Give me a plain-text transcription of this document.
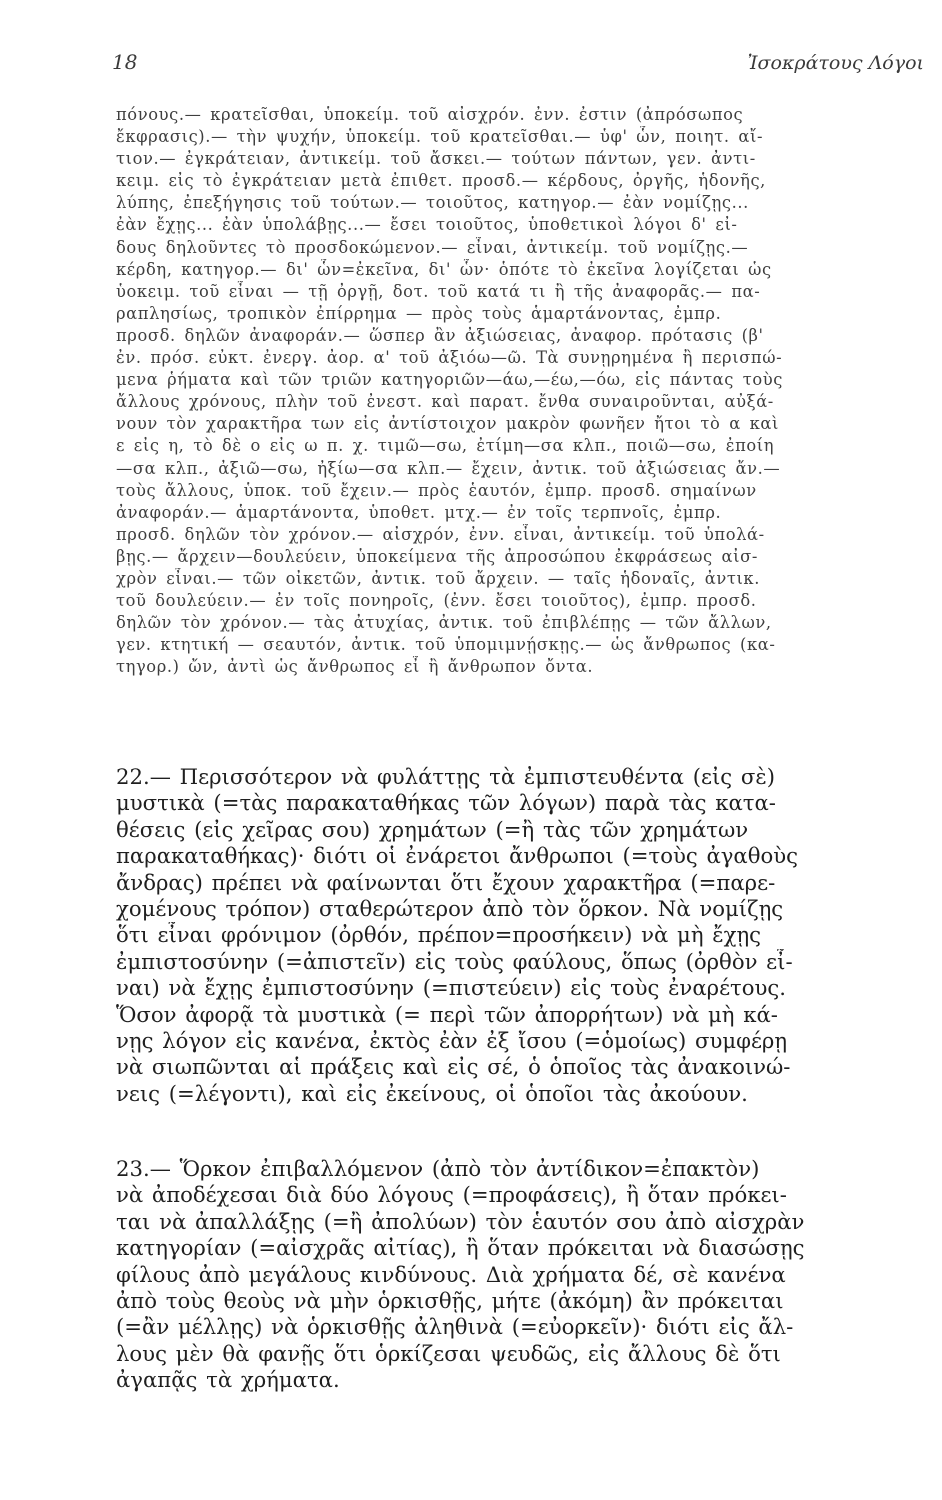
18	Ἰσοκράτους Λόγοι
πόνους.— κρατεῖσθαι, ὑποκείμ. τοῦ αἰσχρόν. ἐνν. ἐστιν (ἀπρόσωπος
ἔκφρασις).— τὴν ψυχήν, ὑποκείμ. τοῦ κρατεῖσθαι.— ὑφ' ὧν, ποιητ. αἴ-
τιον.— ἐγκράτειαν, ἀντικείμ. τοῦ ἄσκει.— τούτων πάντων, γεν. ἀντι-
κειμ. εἰς τὸ ἐγκράτειαν μετὰ ἐπιθετ. προσδ.— κέρδους, ὀργῆς, ἡδονῆς,
λύπης, ἐπεξήγησις τοῦ τούτων.— τοιοῦτος, κατηγορ.— ἐὰν νομίζῃς...
ἐὰν ἔχῃς... ἐὰν ὑπολάβῃς...— ἔσει τοιοῦτος, ὑποθετικοὶ λόγοι δ' εἰ-
δους δηλοῦντες τὸ προσδοκώμενον.— εἶναι, ἀντικείμ. τοῦ νομίζῃς.—
κέρδη, κατηγορ.— δι' ὧν=ἐκεῖνα, δι' ὧν· ὁπότε τὸ ἐκεῖνα λογίζεται ὡς
ὑοκειμ. τοῦ εἶναι — τῇ ὀργῇ, δοτ. τοῦ κατά τι ἢ τῆς ἀναφορᾶς.— πα-
ραπλησίως, τροπικὸν ἐπίρρημα — πρὸς τοὺς ἁμαρτάνοντας, ἐμπρ.
προσδ. δηλῶν ἀναφοράν.— ὥσπερ ἂν ἀξιώσειας, ἀναφορ. πρότασις (β'
ἐν. πρόσ. εὐκτ. ἐνεργ. ἀορ. α' τοῦ ἀξιόω—ῶ. Τὰ συνῃρημένα ἢ περισπώ-
μενα ῥήματα καὶ τῶν τριῶν κατηγοριῶν—άω,—έω,—όω, εἰς πάντας τοὺς
ἄλλους χρόνους, πλὴν τοῦ ἐνεστ. καὶ παρατ. ἔνθα συναιροῦνται, αὐξά-
νουν τὸν χαρακτῆρα των εἰς ἀντίστοιχον μακρὸν φωνῆεν ἤτοι τὸ α καὶ
ε εἰς η, τὸ δὲ ο εἰς ω π. χ. τιμῶ—σω, ἐτίμη—σα κλπ., ποιῶ—σω, ἐποίη
—σα κλπ., ἀξιῶ—σω, ἠξίω—σα κλπ.— ἔχειν, ἀντικ. τοῦ ἀξιώσειας ἄν.—
τοὺς ἄλλους, ὑποκ. τοῦ ἔχειν.— πρὸς ἑαυτόν, ἐμπρ. προσδ. σημαίνων
ἀναφοράν.— ἁμαρτάνοντα, ὑποθετ. μτχ.— ἐν τοῖς τερπνοῖς, ἐμπρ.
προσδ. δηλῶν τὸν χρόνον.— αἰσχρόν, ἐνν. εἶναι, ἀντικείμ. τοῦ ὑπολά-
βῃς.— ἄρχειν—δουλεύειν, ὑποκείμενα τῆς ἀπροσώπου ἐκφράσεως αἰσ-
χρὸν εἶναι.— τῶν οἰκετῶν, ἀντικ. τοῦ ἄρχειν. — ταῖς ἡδοναῖς, ἀντικ.
τοῦ δουλεύειν.— ἐν τοῖς πονηροῖς, (ἐνν. ἔσει τοιοῦτος), ἐμπρ. προσδ.
δηλῶν τὸν χρόνον.— τὰς ἀτυχίας, ἀντικ. τοῦ ἐπιβλέπῃς — τῶν ἄλλων,
γεν. κτητική — σεαυτόν, ἀντικ. τοῦ ὑπομιμνῄσκῃς.— ὡς ἄνθρωπος (κα-
τηγορ.) ὤν, ἀντὶ ὡς ἄνθρωπος εἶ ἢ ἄνθρωπον ὄντα.
22.— Περισσότερον νὰ φυλάττῃς τὰ ἐμπιστευθέντα (εἰς σὲ)
μυστικὰ (=τὰς παρακαταθήκας τῶν λόγων) παρὰ τὰς κατα-
θέσεις (εἰς χεῖρας σου) χρημάτων (=ἢ τὰς τῶν χρημάτων
παρακαταθήκας)· διότι οἱ ἐνάρετοι ἄνθρωποι (=τοὺς ἀγαθοὺς
ἄνδρας) πρέπει νὰ φαίνωνται ὅτι ἔχουν χαρακτῆρα (=παρε-
χομένους τρόπον) σταθερώτερον ἀπὸ τὸν ὅρκον. Νὰ νομίζῃς
ὅτι εἶναι φρόνιμον (ὀρθόν, πρέπον=προσήκειν) νὰ μὴ ἔχῃς
ἐμπιστοσύνην (=ἀπιστεῖν) εἰς τοὺς φαύλους, ὅπως (ὀρθὸν εἶ-
ναι) νὰ ἔχῃς ἐμπιστοσύνην (=πιστεύειν) εἰς τοὺς ἐναρέτους.
Ὅσον ἀφορᾷ τὰ μυστικὰ (= περὶ τῶν ἀπορρήτων) νὰ μὴ κά-
νῃς λόγον εἰς κανένα, ἐκτὸς ἐὰν ἐξ ἴσου (=ὁμοίως) συμφέρῃ
νὰ σιωπῶνται αἱ πράξεις καὶ εἰς σέ, ὁ ὁποῖος τὰς ἀνακοινώ-
νεις (=λέγοντι), καὶ εἰς ἐκείνους, οἱ ὁποῖοι τὰς ἀκούουν.
23.— Ὅρκον ἐπιβαλλόμενον (ἀπὸ τὸν ἀντίδικον=ἐπακτὸν)
νὰ ἀποδέχεσαι διὰ δύο λόγους (=προφάσεις), ἢ ὅταν πρόκει-
ται νὰ ἀπαλλάξῃς (=ἢ ἀπολύων) τὸν ἑαυτόν σου ἀπὸ αἰσχρὰν
κατηγορίαν (=αἰσχρᾶς αἰτίας), ἢ ὅταν πρόκειται νὰ διασώσῃς
φίλους ἀπὸ μεγάλους κινδύνους. Διὰ χρήματα δέ, σὲ κανένα
ἀπὸ τοὺς θεοὺς νὰ μὴν ὁρκισθῇς, μήτε (ἀκόμη) ἂν πρόκειται
(=ἂν μέλλῃς) νὰ ὁρκισθῇς ἀληθινὰ (=εὐορκεῖν)· διότι εἰς ἄλ-
λους μὲν θὰ φανῇς ὅτι ὁρκίζεσαι ψευδῶς, εἰς ἄλλους δὲ ὅτι
ἀγαπᾷς τὰ χρήματα.
